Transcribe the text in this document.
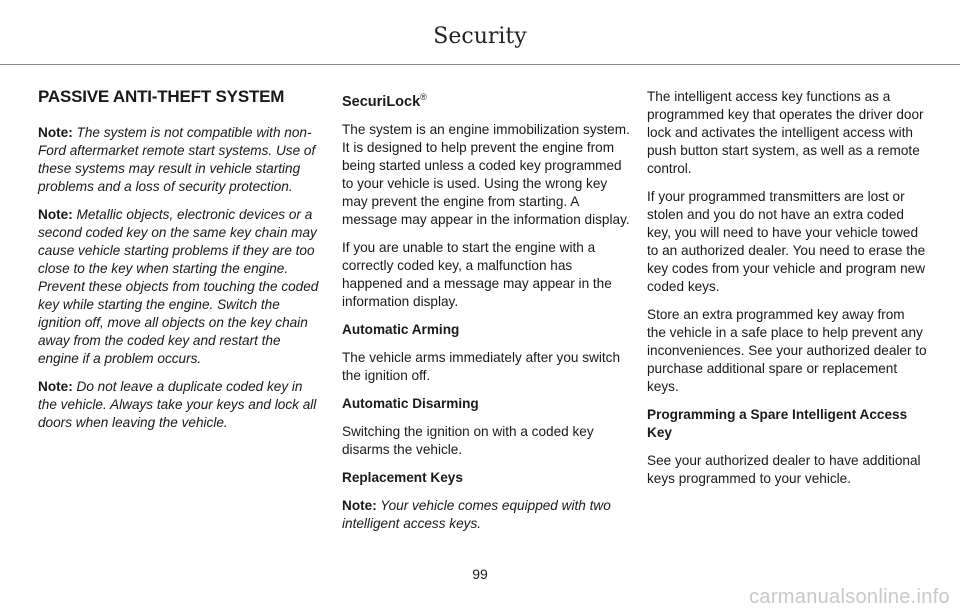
Security
PASSIVE ANTI-THEFT SYSTEM

Note: The system is not compatible with non-Ford aftermarket remote start systems. Use of these systems may result in vehicle starting problems and a loss of security protection.

Note: Metallic objects, electronic devices or a second coded key on the same key chain may cause vehicle starting problems if they are too close to the key when starting the engine. Prevent these objects from touching the coded key while starting the engine. Switch the ignition off, move all objects on the key chain away from the coded key and restart the engine if a problem occurs.

Note: Do not leave a duplicate coded key in the vehicle. Always take your keys and lock all doors when leaving the vehicle.

SecuriLock®

The system is an engine immobilization system. It is designed to help prevent the engine from being started unless a coded key programmed to your vehicle is used. Using the wrong key may prevent the engine from starting. A message may appear in the information display.

If you are unable to start the engine with a correctly coded key, a malfunction has happened and a message may appear in the information display.

Automatic Arming

The vehicle arms immediately after you switch the ignition off.

Automatic Disarming

Switching the ignition on with a coded key disarms the vehicle.

Replacement Keys

Note: Your vehicle comes equipped with two intelligent access keys.

The intelligent access key functions as a programmed key that operates the driver door lock and activates the intelligent access with push button start system, as well as a remote control.

If your programmed transmitters are lost or stolen and you do not have an extra coded key, you will need to have your vehicle towed to an authorized dealer. You need to erase the key codes from your vehicle and program new coded keys.

Store an extra programmed key away from the vehicle in a safe place to help prevent any inconveniences. See your authorized dealer to purchase additional spare or replacement keys.

Programming a Spare Intelligent Access Key

See your authorized dealer to have additional keys programmed to your vehicle.

99
carmanualsonline.info
